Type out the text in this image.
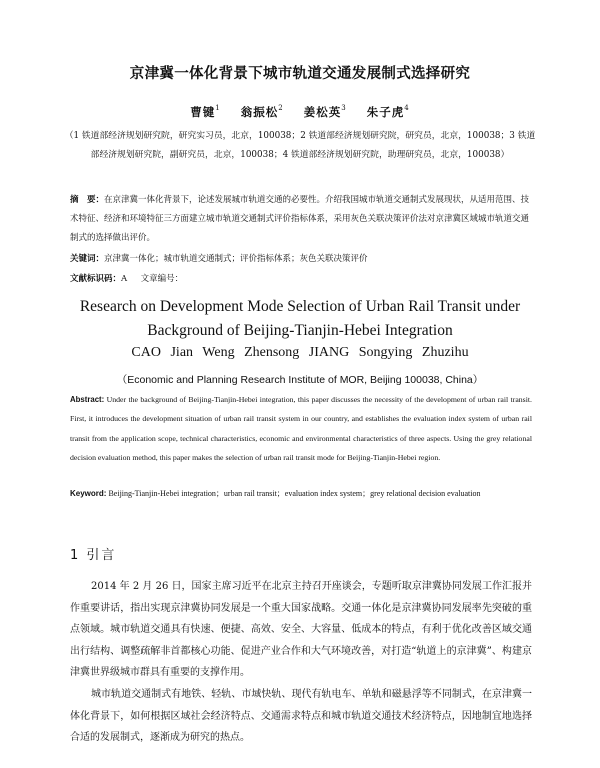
京津冀一体化背景下城市轨道交通发展制式选择研究
曹键$^1$ 翁振松$^2$ 姜松英$^3$ 朱子虎$^4$
（1 铁道部经济规划研究院，研究实习员，北京，100038；2 铁道部经济规划研究院，研究员，北京，100038；3 铁道部经济规划研究院，副研究员，北京，100038；4 铁道部经济规划研究院，助理研究员，北京，100038）
摘　要：在京津冀一体化背景下，论述发展城市轨道交通的必要性。介绍我国城市轨道交通制式发展现状，从适用范围、技术特征、经济和环境特征三方面建立城市轨道交通制式评价指标体系，采用灰色关联决策评价法对京津冀区域城市轨道交通制式的选择做出评价。
关键词：京津冀一体化；城市轨道交通制式；评价指标体系；灰色关联决策评价
文献标识码：A 文章编号：
Research on Development Mode Selection of Urban Rail Transit under
Background of Beijing-Tianjin-Hebei Integration
CAO Jian Weng Zhensong JIANG Songying Zhuzihu
（Economic and Planning Research Institute of MOR, Beijing 100038, China）
Abstract: Under the background of Beijing-Tianjin-Hebei integration, this paper discusses the necessity of the development of urban rail transit. First, it introduces the development situation of urban rail transit system in our country, and establishes the evaluation index system of urban rail transit from the application scope, technical characteristics, economic and environmental characteristics of three aspects. Using the grey relational decision evaluation method, this paper makes the selection of urban rail transit mode for Beijing-Tianjin-Hebei region.
Keyword: Beijing-Tianjin-Hebei integration；urban rail transit；evaluation index system；grey relational decision evaluation
1 引言
2014 年 2 月 26 日，国家主席习近平在北京主持召开座谈会，专题听取京津冀协同发展工作汇报并作重要讲话，指出实现京津冀协同发展是一个重大国家战略。交通一体化是京津冀协同发展率先突破的重点领域。城市轨道交通具有快速、便捷、高效、安全、大容量、低成本的特点，有利于优化改善区域交通出行结构、调整疏解非首都核心功能、促进产业合作和大气环境改善，对打造“轨道上的京津冀”、构建京津冀世界级城市群具有重要的支撑作用。
城市轨道交通制式有地铁、轻轨、市域快轨、现代有轨电车、单轨和磁悬浮等不同制式，在京津冀一体化背景下，如何根据区域社会经济特点、交通需求特点和城市轨道交通技术经济特点，因地制宜地选择合适的发展制式，逐渐成为研究的热点。
